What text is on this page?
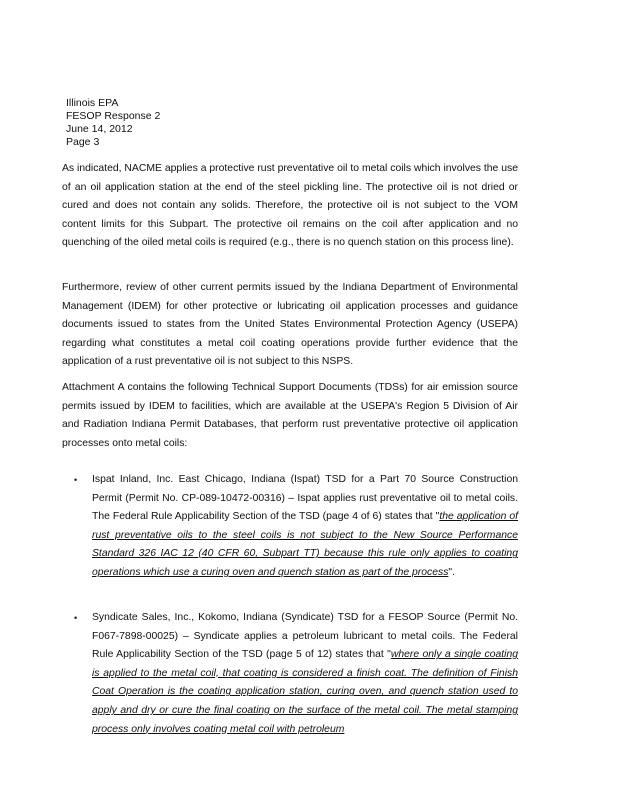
Illinois EPA
FESOP Response 2
June 14, 2012
Page 3

As indicated, NACME applies a protective rust preventative oil to metal coils which involves the use of an oil application station at the end of the steel pickling line. The protective oil is not dried or cured and does not contain any solids. Therefore, the protective oil is not subject to the VOM content limits for this Subpart. The protective oil remains on the coil after application and no quenching of the oiled metal coils is required (e.g., there is no quench station on this process line).

Furthermore, review of other current permits issued by the Indiana Department of Environmental Management (IDEM) for other protective or lubricating oil application processes and guidance documents issued to states from the United States Environmental Protection Agency (USEPA) regarding what constitutes a metal coil coating operations provide further evidence that the application of a rust preventative oil is not subject to this NSPS.

Attachment A contains the following Technical Support Documents (TDSs) for air emission source permits issued by IDEM to facilities, which are available at the USEPA's Region 5 Division of Air and Radiation Indiana Permit Databases, that perform rust preventative protective oil application processes onto metal coils:

• Ispat Inland, Inc. East Chicago, Indiana (Ispat) TSD for a Part 70 Source Construction Permit (Permit No. CP-089-10472-00316) – Ispat applies rust preventative oil to metal coils. The Federal Rule Applicability Section of the TSD (page 4 of 6) states that "the application of rust preventative oils to the steel coils is not subject to the New Source Performance Standard 326 IAC 12 (40 CFR 60, Subpart TT) because this rule only applies to coating operations which use a curing oven and quench station as part of the process".
• Syndicate Sales, Inc., Kokomo, Indiana (Syndicate) TSD for a FESOP Source (Permit No. F067-7898-00025) – Syndicate applies a petroleum lubricant to metal coils. The Federal Rule Applicability Section of the TSD (page 5 of 12) states that "where only a single coating is applied to the metal coil, that coating is considered a finish coat. The definition of Finish Coat Operation is the coating application station, curing oven, and quench station used to apply and dry or cure the final coating on the surface of the metal coil. The metal stamping process only involves coating metal coil with petroleum
